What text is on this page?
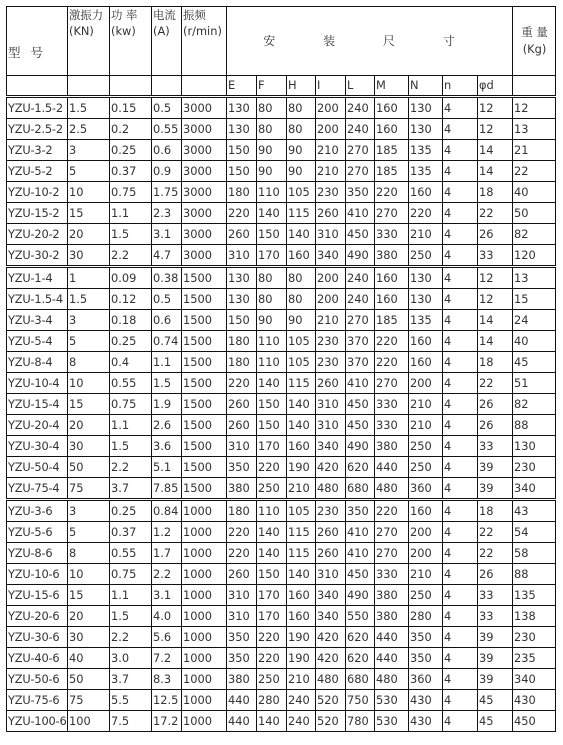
型 号	激振力(KN)	功 率(kw)	电流(A)	振频(r/min)	安 装 尺 寸									重 量(Kg)
					E	F	H	I	L	M	N	n	φd	
YZU-1.5-2	1.5	0.15	0.5	3000	130	80	80	200	240	160	130	4	12	12
YZU-2.5-2	2.5	0.2	0.55	3000	130	80	80	200	240	160	130	4	12	13
YZU-3-2	3	0.25	0.6	3000	150	90	90	210	270	185	135	4	14	21
YZU-5-2	5	0.37	0.9	3000	150	90	90	210	270	185	135	4	14	22
YZU-10-2	10	0.75	1.75	3000	180	110	105	230	350	220	160	4	18	40
YZU-15-2	15	1.1	2.3	3000	220	140	115	260	410	270	220	4	22	50
YZU-20-2	20	1.5	3.1	3000	260	150	140	310	450	330	210	4	26	82
YZU-30-2	30	2.2	4.7	3000	310	170	160	340	490	380	250	4	33	120
YZU-1-4	1	0.09	0.38	1500	130	80	80	200	240	160	130	4	12	13
YZU-1.5-4	1.5	0.12	0.5	1500	130	80	80	200	240	160	130	4	12	15
YZU-3-4	3	0.18	0.6	1500	150	90	90	210	270	185	135	4	14	24
YZU-5-4	5	0.25	0.74	1500	180	110	105	230	370	220	160	4	14	40
YZU-8-4	8	0.4	1.1	1500	180	110	105	230	370	220	160	4	18	45
YZU-10-4	10	0.55	1.5	1500	220	140	115	260	410	270	200	4	22	51
YZU-15-4	15	0.75	1.9	1500	260	150	140	310	450	330	210	4	26	82
YZU-20-4	20	1.1	2.6	1500	260	150	140	310	450	330	210	4	26	88
YZU-30-4	30	1.5	3.6	1500	310	170	160	340	490	380	250	4	33	130
YZU-50-4	50	2.2	5.1	1500	350	220	190	420	620	440	250	4	39	230
YZU-75-4	75	3.7	7.85	1500	380	250	210	480	680	480	360	4	39	340
YZU-3-6	3	0.25	0.84	1000	180	110	105	230	350	220	160	4	18	43
YZU-5-6	5	0.37	1.2	1000	220	140	115	260	410	270	200	4	22	54
YZU-8-6	8	0.55	1.7	1000	220	140	115	260	410	270	200	4	22	58
YZU-10-6	10	0.75	2.2	1000	260	150	140	310	450	330	210	4	26	88
YZU-15-6	15	1.1	3.1	1000	310	170	160	340	490	380	250	4	33	135
YZU-20-6	20	1.5	4.0	1000	310	170	160	340	550	380	280	4	33	138
YZU-30-6	30	2.2	5.6	1000	350	220	190	420	620	440	350	4	39	230
YZU-40-6	40	3.0	7.2	1000	350	220	190	420	620	440	350	4	39	235
YZU-50-6	50	3.7	8.3	1000	380	250	210	480	680	480	360	4	39	340
YZU-75-6	75	5.5	12.5	1000	440	280	240	520	750	530	430	4	45	430
YZU-100-6	100	7.5	17.2	1000	440	140	240	520	780	530	430	4	45	450
